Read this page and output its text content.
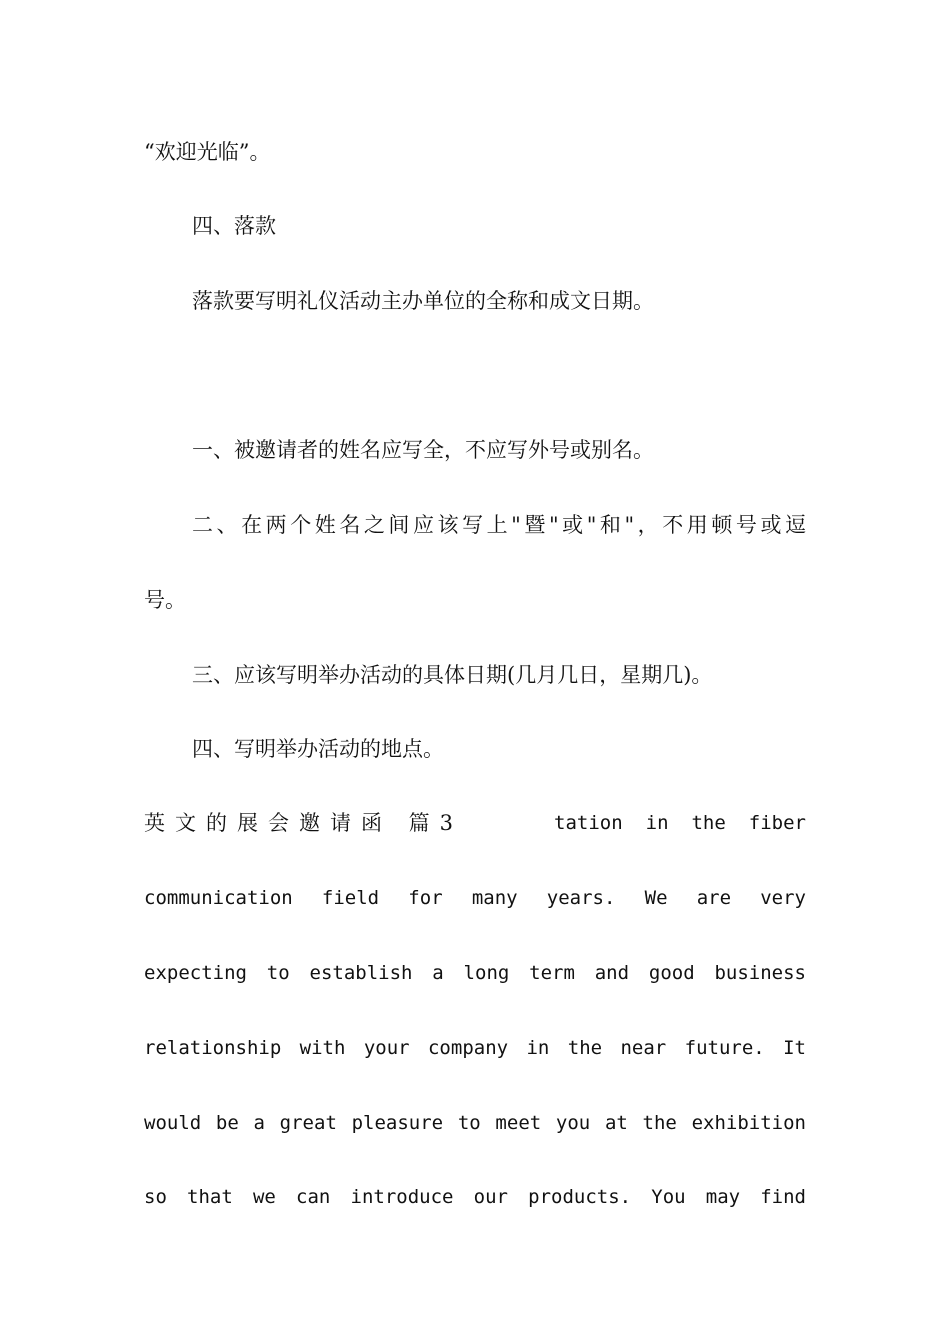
“欢迎光临”。
四、落款
落款要写明礼仪活动主办单位的全称和成文日期。
一、被邀请者的姓名应写全，不应写外号或别名。
二、在两个姓名之间应该写上"暨"或"和"，不用顿号或逗
号。
三、应该写明举办活动的具体日期(几月几日，星期几)。
四、写明举办活动的地点。
英文的展会邀请函 篇3	tation in the fiber
communication field for many years. We are very
expecting to establish a long term and good business
relationship with your company in the near future. It
would be a great pleasure to meet you at the exhibition
so that we can introduce our products. You may find
